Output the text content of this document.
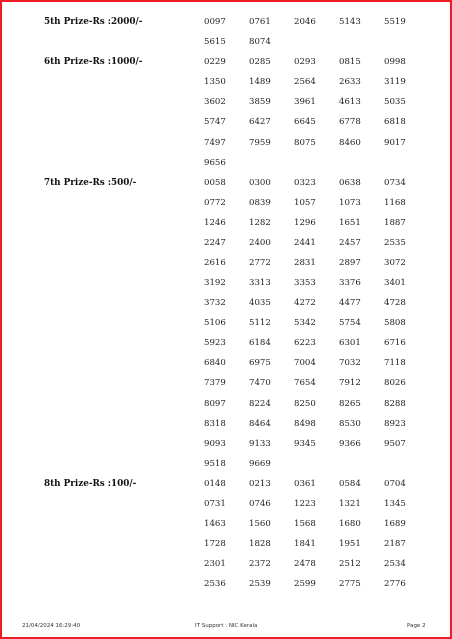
5th Prize-Rs :2000/-	0097	0761	2046	5143	5519
5615	8074
6th Prize-Rs :1000/-	0229	0285	0293	0815	0998
1350	1489	2564	2633	3119
3602	3859	3961	4613	5035
5747	6427	6645	6778	6818
7497	7959	8075	8460	9017
9656
7th Prize-Rs :500/-	0058	0300	0323	0638	0734
0772	0839	1057	1073	1168
1246	1282	1296	1651	1887
2247	2400	2441	2457	2535
2616	2772	2831	2897	3072
3192	3313	3353	3376	3401
3732	4035	4272	4477	4728
5106	5112	5342	5754	5808
5923	6184	6223	6301	6716
6840	6975	7004	7032	7118
7379	7470	7654	7912	8026
8097	8224	8250	8265	8288
8318	8464	8498	8530	8923
9093	9133	9345	9366	9507
9518	9669
8th Prize-Rs :100/-	0148	0213	0361	0584	0704
0731	0746	1223	1321	1345
1463	1560	1568	1680	1689
1728	1828	1841	1951	2187
2301	2372	2478	2512	2534
2536	2539	2599	2775	2776
21/04/2024 16:29:40	IT Support : NIC Kerala	Page 2
